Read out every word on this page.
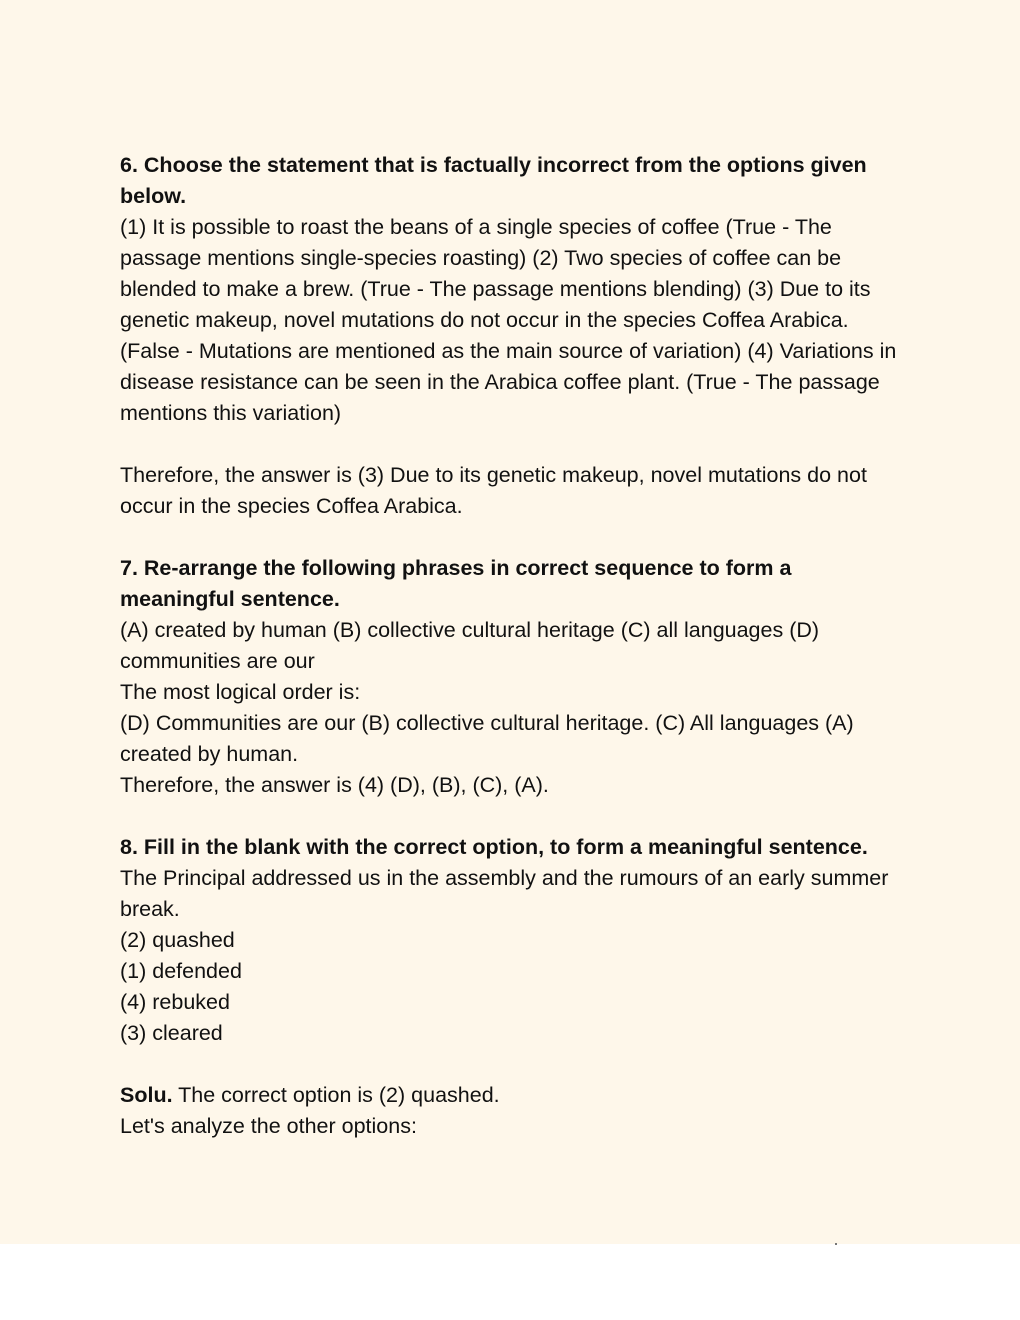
6. Choose the statement that is factually incorrect from the options given below.

(1) It is possible to roast the beans of a single species of coffee (True - The passage mentions single-species roasting) (2) Two species of coffee can be blended to make a brew. (True - The passage mentions blending) (3) Due to its genetic makeup, novel mutations do not occur in the species Coffea Arabica. (False - Mutations are mentioned as the main source of variation) (4) Variations in disease resistance can be seen in the Arabica coffee plant. (True - The passage mentions this variation)

Therefore, the answer is (3) Due to its genetic makeup, novel mutations do not occur in the species Coffea Arabica.

7. Re-arrange the following phrases in correct sequence to form a meaningful sentence.

(A) created by human (B) collective cultural heritage (C) all languages (D) communities are our

The most logical order is:

(D) Communities are our (B) collective cultural heritage. (C) All languages (A) created by human.

Therefore, the answer is (4) (D), (B), (C), (A).

8. Fill in the blank with the correct option, to form a meaningful sentence.

The Principal addressed us in the assembly and the rumours of an early summer break.

(2) quashed

(1) defended

(4) rebuked

(3) cleared

Solu. The correct option is (2) quashed.

Let's analyze the other options:
